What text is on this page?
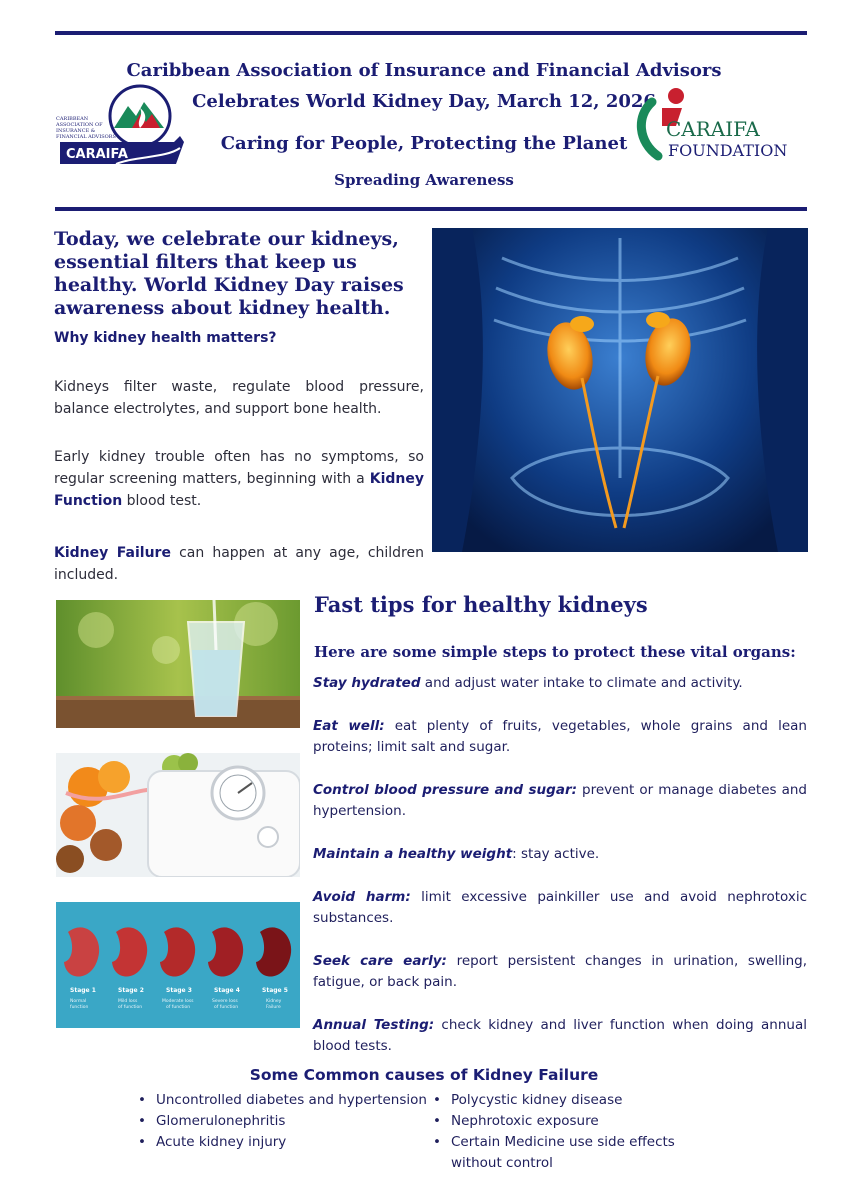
Caribbean Association of Insurance and Financial Advisors
Celebrates World Kidney Day, March 12, 2026
Caring for People, Protecting the Planet
Spreading Awareness
CARIBBEAN
ASSOCIATION OF
INSURANCE &
FINANCIAL ADVISORS
CARAIFA
CARAIFA
FOUNDATION
Today, we celebrate our kidneys, essential filters that keep us healthy. World Kidney Day raises awareness about kidney health.
Why kidney health matters?
Kidneys filter waste, regulate blood pressure, balance electrolytes, and support bone health.
Early kidney trouble often has no symptoms, so regular screening matters, beginning with a Kidney Function blood test.
Kidney Failure can happen at any age, children included.
Fast tips for healthy kidneys
Here are some simple steps to protect these vital organs:
Stay hydrated and adjust water intake to climate and activity.
Eat well: eat plenty of fruits, vegetables, whole grains and lean proteins; limit salt and sugar.
Control blood pressure and sugar: prevent or manage diabetes and hypertension.
Maintain a healthy weight: stay active.
Avoid harm: limit excessive painkiller use and avoid nephrotoxic substances.
Seek care early: report persistent changes in urination, swelling, fatigue, or back pain.
Annual Testing: check kidney and liver function when doing annual blood tests.
Stage 1
Normal
function
Stage 2
Mild loss
of function
Stage 3
Moderate loss
of function
Stage 4
Severe loss
of function
Stage 5
Kidney
Failure
Some Common causes of Kidney Failure
• Uncontrolled diabetes and hypertension
• Glomerulonephritis
• Acute kidney injury
• Polycystic kidney disease
• Nephrotoxic exposure
• Certain Medicine use side effects without control
